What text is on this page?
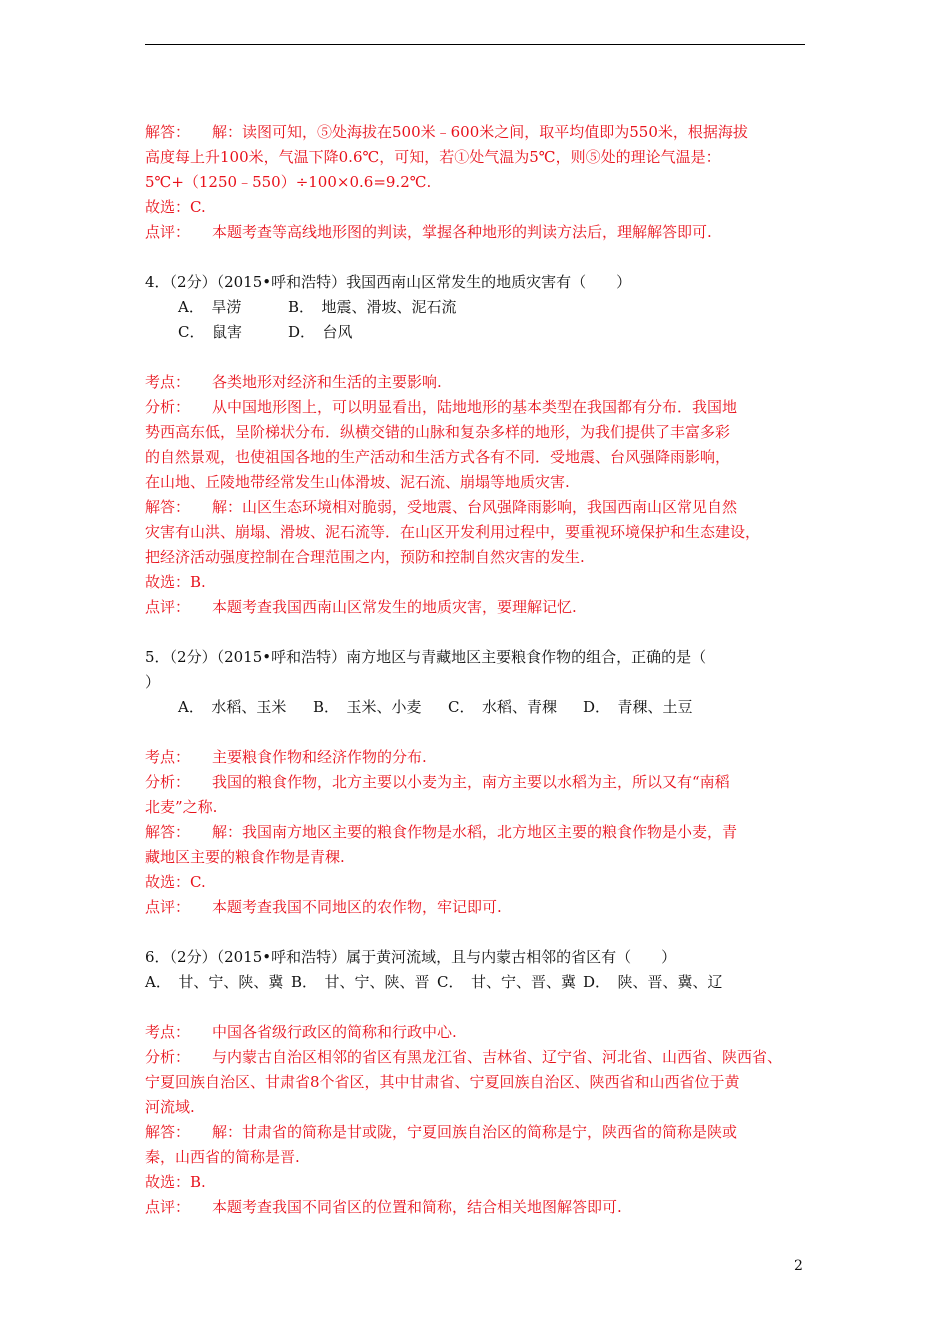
解答： 解：读图可知，⑤处海拔在500米﹣600米之间，取平均值即为550米，根据海拔
高度每上升100米，气温下降0.6℃，可知，若①处气温为5℃，则⑤处的理论气温是：
5℃+（1250﹣550）÷100×0.6=9.2℃.
故选：C.
点评： 本题考查等高线地形图的判读，掌握各种地形的判读方法后，理解解答即可.
4．（2分）（2015•呼和浩特）我国西南山区常发生的地质灾害有（　　）
A．　旱涝	B．　地震、滑坡、泥石流
C．　鼠害	D．　台风
考点： 各类地形对经济和生活的主要影响.
分析： 从中国地形图上，可以明显看出，陆地地形的基本类型在我国都有分布．我国地
势西高东低，呈阶梯状分布．纵横交错的山脉和复杂多样的地形，为我们提供了丰富多彩
的自然景观，也使祖国各地的生产活动和生活方式各有不同．受地震、台风强降雨影响，
在山地、丘陵地带经常发生山体滑坡、泥石流、崩塌等地质灾害.
解答： 解：山区生态环境相对脆弱，受地震、台风强降雨影响，我国西南山区常见自然
灾害有山洪、崩塌、滑坡、泥石流等．在山区开发利用过程中，要重视环境保护和生态建设，
把经济活动强度控制在合理范围之内，预防和控制自然灾害的发生.
故选：B.
点评： 本题考查我国西南山区常发生的地质灾害，要理解记忆.
5．（2分）（2015•呼和浩特）南方地区与青藏地区主要粮食作物的组合，正确的是（
）
A．　水稻、玉米 B．　玉米、小麦 C．　水稻、青稞 D．　青稞、土豆
考点： 主要粮食作物和经济作物的分布.
分析： 我国的粮食作物，北方主要以小麦为主，南方主要以水稻为主，所以又有“南稻
北麦”之称.
解答： 解：我国南方地区主要的粮食作物是水稻，北方地区主要的粮食作物是小麦，青
藏地区主要的粮食作物是青稞.
故选：C.
点评： 本题考查我国不同地区的农作物，牢记即可.
6．（2分）（2015•呼和浩特）属于黄河流域，且与内蒙古相邻的省区有（　　）
A．　甘、宁、陕、冀 B．　甘、宁、陕、晋 C．　甘、宁、晋、冀 D．　陕、晋、冀、辽
考点： 中国各省级行政区的简称和行政中心.
分析： 与内蒙古自治区相邻的省区有黑龙江省、吉林省、辽宁省、河北省、山西省、陕西省、
宁夏回族自治区、甘肃省8个省区，其中甘肃省、宁夏回族自治区、陕西省和山西省位于黄
河流域.
解答： 解：甘肃省的简称是甘或陇，宁夏回族自治区的简称是宁，陕西省的简称是陕或
秦，山西省的简称是晋.
故选：B.
点评： 本题考查我国不同省区的位置和简称，结合相关地图解答即可.
2
